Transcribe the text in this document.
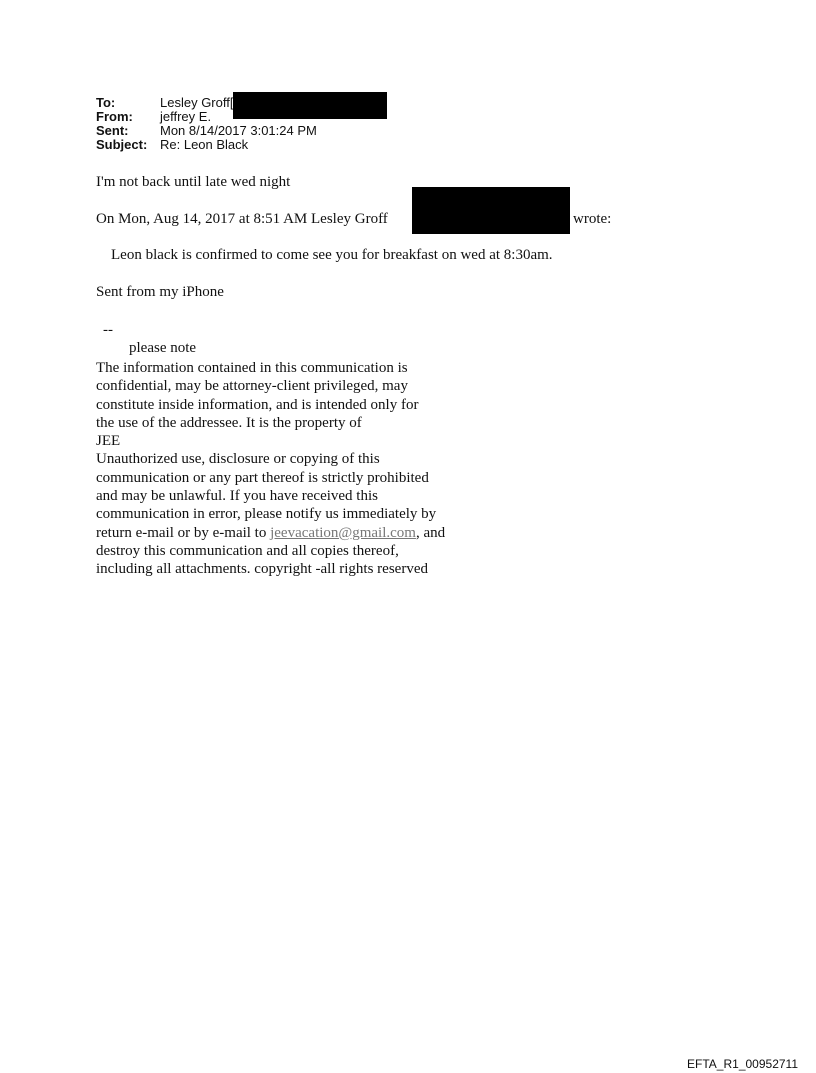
To:	Lesley Groff[
From:	jeffrey E.
Sent:	Mon 8/14/2017 3:01:24 PM
Subject: Re: Leon Black
I'm not back until late wed night
On Mon, Aug 14, 2017 at 8:51 AM Lesley Groff	wrote:
Leon black is confirmed to come see you for breakfast on wed at 8:30am.
Sent from my iPhone
--
please note
The information contained in this communication is
confidential, may be attorney-client privileged, may
constitute inside information, and is intended only for
the use of the addressee. It is the property of
JEE
Unauthorized use, disclosure or copying of this
communication or any part thereof is strictly prohibited
and may be unlawful. If you have received this
communication in error, please notify us immediately by
return e-mail or by e-mail to jeevacation@gmail.com, and
destroy this communication and all copies thereof,
including all attachments. copyright -all rights reserved
EFTA_R1_00952711
